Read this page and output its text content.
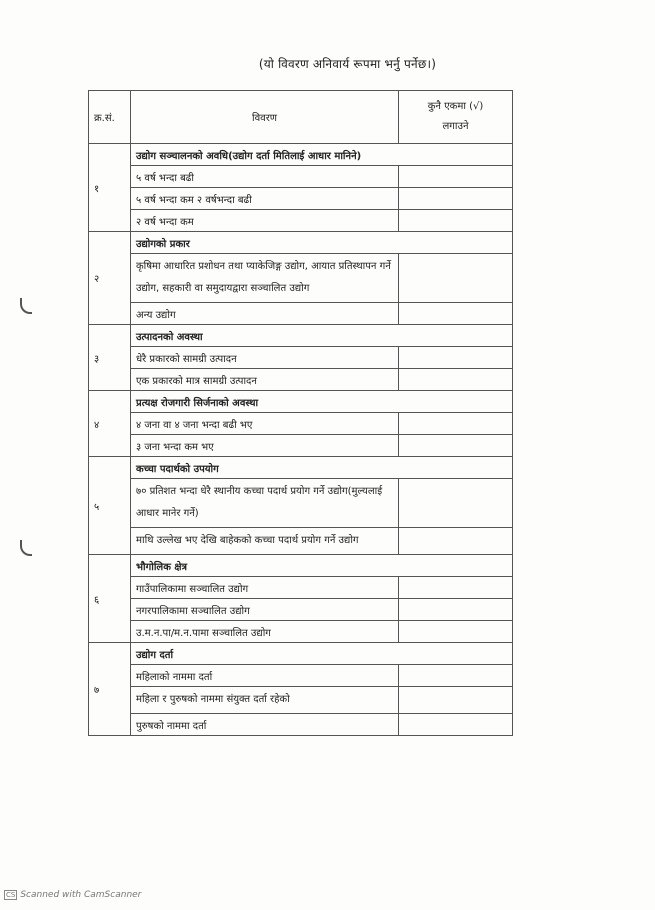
(यो विवरण अनिवार्य रूपमा भर्नु पर्नेछ।)
क्र.सं.	विवरण	कुनै एकमा (√)
लगाउने

१	उद्योग सञ्चालनको अवधि(उद्योग दर्ता मितिलाई आधार मानिने)	
	५ वर्ष भन्दा बढी	
	५ वर्ष भन्दा कम २ वर्षभन्दा बढी	
	२ वर्ष भन्दा कम	
२	उद्योगको प्रकार	
	कृषिमा आधारित प्रशोधन तथा प्याकेजिङ्ग उद्योग, आयात प्रतिस्थापन गर्ने उद्योग, सहकारी वा समुदायद्वारा सञ्चालित उद्योग	
	अन्य उद्योग	
३	उत्पादनको अवस्था	
	धेरै प्रकारको सामग्री उत्पादन	
	एक प्रकारको मात्र सामग्री उत्पादन	
४	प्रत्यक्ष रोजगारी सिर्जनाको अवस्था	
	४ जना वा ४ जना भन्दा बढी भए	
	३ जना भन्दा कम भए	
५	कच्चा पदार्थको उपयोग	
	७० प्रतिशत भन्दा धेरै स्थानीय कच्चा पदार्थ प्रयोग गर्ने उद्योग(मुल्यलाई आधार मानेर गर्ने)	
	माथि उल्लेख भए देखि बाहेकको कच्चा पदार्थ प्रयोग गर्ने उद्योग	
६	भौगोलिक क्षेत्र	
	गाउँपालिकामा सञ्चालित उद्योग	
	नगरपालिकामा सञ्चालित उद्योग	
	उ.म.न.पा/म.न.पामा सञ्चालित उद्योग	
७	उद्योग दर्ता	
	महिलाको नाममा दर्ता	
	महिला र पुरुषको नाममा संयुक्त दर्ता रहेको	
	पुरुषको नाममा दर्ता	
CS Scanned with CamScanner
